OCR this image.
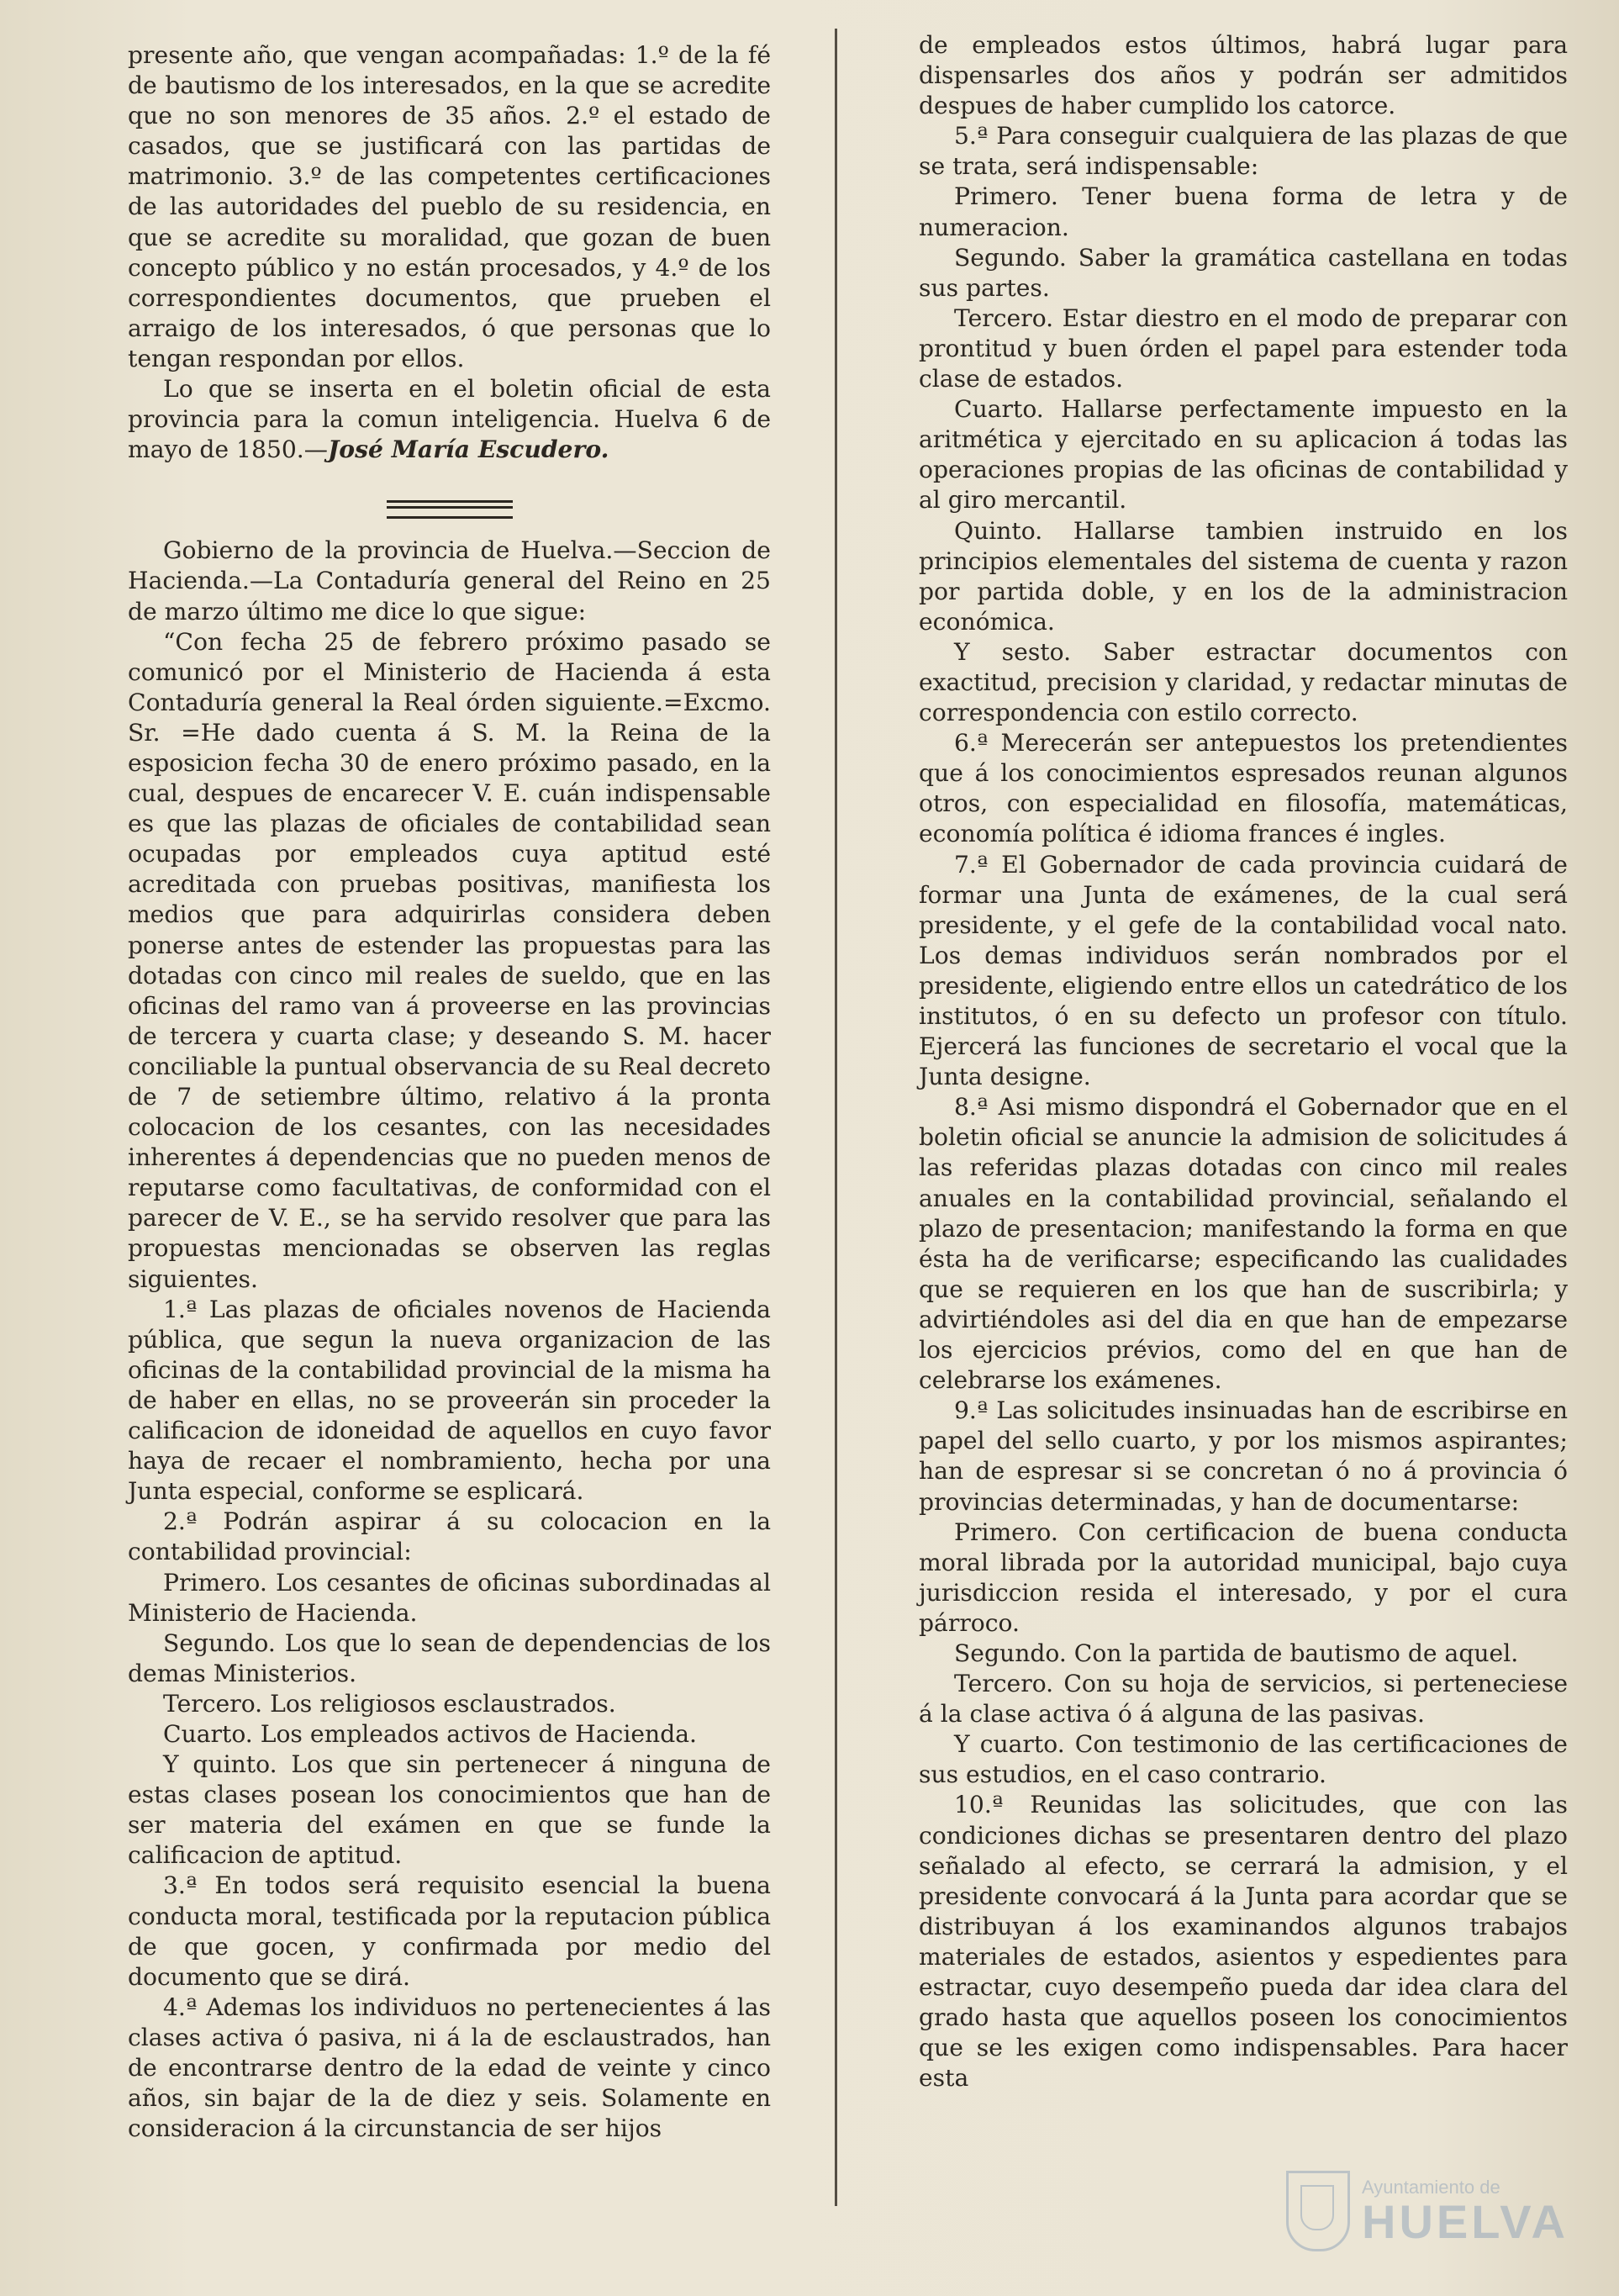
presente año, que vengan acompañadas: 1.º de la fé de bautismo de los interesados, en la que se acredite que no son menores de 35 años. 2.º el estado de casados, que se justificará con las partidas de matrimonio. 3.º de las competentes certificaciones de las autoridades del pueblo de su residencia, en que se acredite su moralidad, que gozan de buen concepto público y no están procesados, y 4.º de los correspondientes documentos, que prueben el arraigo de los interesados, ó que personas que lo tengan respondan por ellos.

Lo que se inserta en el boletin oficial de esta provincia para la comun inteligencia. Huelva 6 de mayo de 1850.—José María Escudero.

Gobierno de la provincia de Huelva.—Seccion de Hacienda.—La Contaduría general del Reino en 25 de marzo último me dice lo que sigue:

“Con fecha 25 de febrero próximo pasado se comunicó por el Ministerio de Hacienda á esta Contaduría general la Real órden siguiente.=Excmo. Sr. =He dado cuenta á S. M. la Reina de la esposicion fecha 30 de enero próximo pasado, en la cual, despues de encarecer V. E. cuán indispensable es que las plazas de oficiales de contabilidad sean ocupadas por empleados cuya aptitud esté acreditada con pruebas positivas, manifiesta los medios que para adquirirlas considera deben ponerse antes de estender las propuestas para las dotadas con cinco mil reales de sueldo, que en las oficinas del ramo van á proveerse en las provincias de tercera y cuarta clase; y deseando S. M. hacer conciliable la puntual observancia de su Real decreto de 7 de setiembre último, relativo á la pronta colocacion de los cesantes, con las necesidades inherentes á dependencias que no pueden menos de reputarse como facultativas, de conformidad con el parecer de V. E., se ha servido resolver que para las propuestas mencionadas se observen las reglas siguientes.

1.ª Las plazas de oficiales novenos de Hacienda pública, que segun la nueva organizacion de las oficinas de la contabilidad provincial de la misma ha de haber en ellas, no se proveerán sin proceder la calificacion de idoneidad de aquellos en cuyo favor haya de recaer el nombramiento, hecha por una Junta especial, conforme se esplicará.

2.ª Podrán aspirar á su colocacion en la contabilidad provincial:

Primero. Los cesantes de oficinas subordinadas al Ministerio de Hacienda.

Segundo. Los que lo sean de dependencias de los demas Ministerios.

Tercero. Los religiosos esclaustrados.

Cuarto. Los empleados activos de Hacienda.

Y quinto. Los que sin pertenecer á ninguna de estas clases posean los conocimientos que han de ser materia del exámen en que se funde la calificacion de aptitud.

3.ª En todos será requisito esencial la buena conducta moral, testificada por la reputacion pública de que gocen, y confirmada por medio del documento que se dirá.

4.ª Ademas los individuos no pertenecientes á las clases activa ó pasiva, ni á la de esclaustrados, han de encontrarse dentro de la edad de veinte y cinco años, sin bajar de la de diez y seis. Solamente en consideracion á la circunstancia de ser hijos

de empleados estos últimos, habrá lugar para dispensarles dos años y podrán ser admitidos despues de haber cumplido los catorce.

5.ª Para conseguir cualquiera de las plazas de que se trata, será indispensable:

Primero. Tener buena forma de letra y de numeracion.

Segundo. Saber la gramática castellana en todas sus partes.

Tercero. Estar diestro en el modo de preparar con prontitud y buen órden el papel para estender toda clase de estados.

Cuarto. Hallarse perfectamente impuesto en la aritmética y ejercitado en su aplicacion á todas las operaciones propias de las oficinas de contabilidad y al giro mercantil.

Quinto. Hallarse tambien instruido en los principios elementales del sistema de cuenta y razon por partida doble, y en los de la administracion económica.

Y sesto. Saber estractar documentos con exactitud, precision y claridad, y redactar minutas de correspondencia con estilo correcto.

6.ª Merecerán ser antepuestos los pretendientes que á los conocimientos espresados reunan algunos otros, con especialidad en filosofía, matemáticas, economía política é idioma frances é ingles.

7.ª El Gobernador de cada provincia cuidará de formar una Junta de exámenes, de la cual será presidente, y el gefe de la contabilidad vocal nato. Los demas individuos serán nombrados por el presidente, eligiendo entre ellos un catedrático de los institutos, ó en su defecto un profesor con título. Ejercerá las funciones de secretario el vocal que la Junta designe.

8.ª Asi mismo dispondrá el Gobernador que en el boletin oficial se anuncie la admision de solicitudes á las referidas plazas dotadas con cinco mil reales anuales en la contabilidad provincial, señalando el plazo de presentacion; manifestando la forma en que ésta ha de verificarse; especificando las cualidades que se requieren en los que han de suscribirla; y advirtiéndoles asi del dia en que han de empezarse los ejercicios prévios, como del en que han de celebrarse los exámenes.

9.ª Las solicitudes insinuadas han de escribirse en papel del sello cuarto, y por los mismos aspirantes; han de espresar si se concretan ó no á provincia ó provincias determinadas, y han de documentarse:

Primero. Con certificacion de buena conducta moral librada por la autoridad municipal, bajo cuya jurisdiccion resida el interesado, y por el cura párroco.

Segundo. Con la partida de bautismo de aquel.

Tercero. Con su hoja de servicios, si perteneciese á la clase activa ó á alguna de las pasivas.

Y cuarto. Con testimonio de las certificaciones de sus estudios, en el caso contrario.

10.ª Reunidas las solicitudes, que con las condiciones dichas se presentaren dentro del plazo señalado al efecto, se cerrará la admision, y el presidente convocará á la Junta para acordar que se distribuyan á los examinandos algunos trabajos materiales de estados, asientos y espedientes para estractar, cuyo desempeño pueda dar idea clara del grado hasta que aquellos poseen los conocimientos que se les exigen como indispensables. Para hacer esta

Ayuntamiento de
HUELVA
